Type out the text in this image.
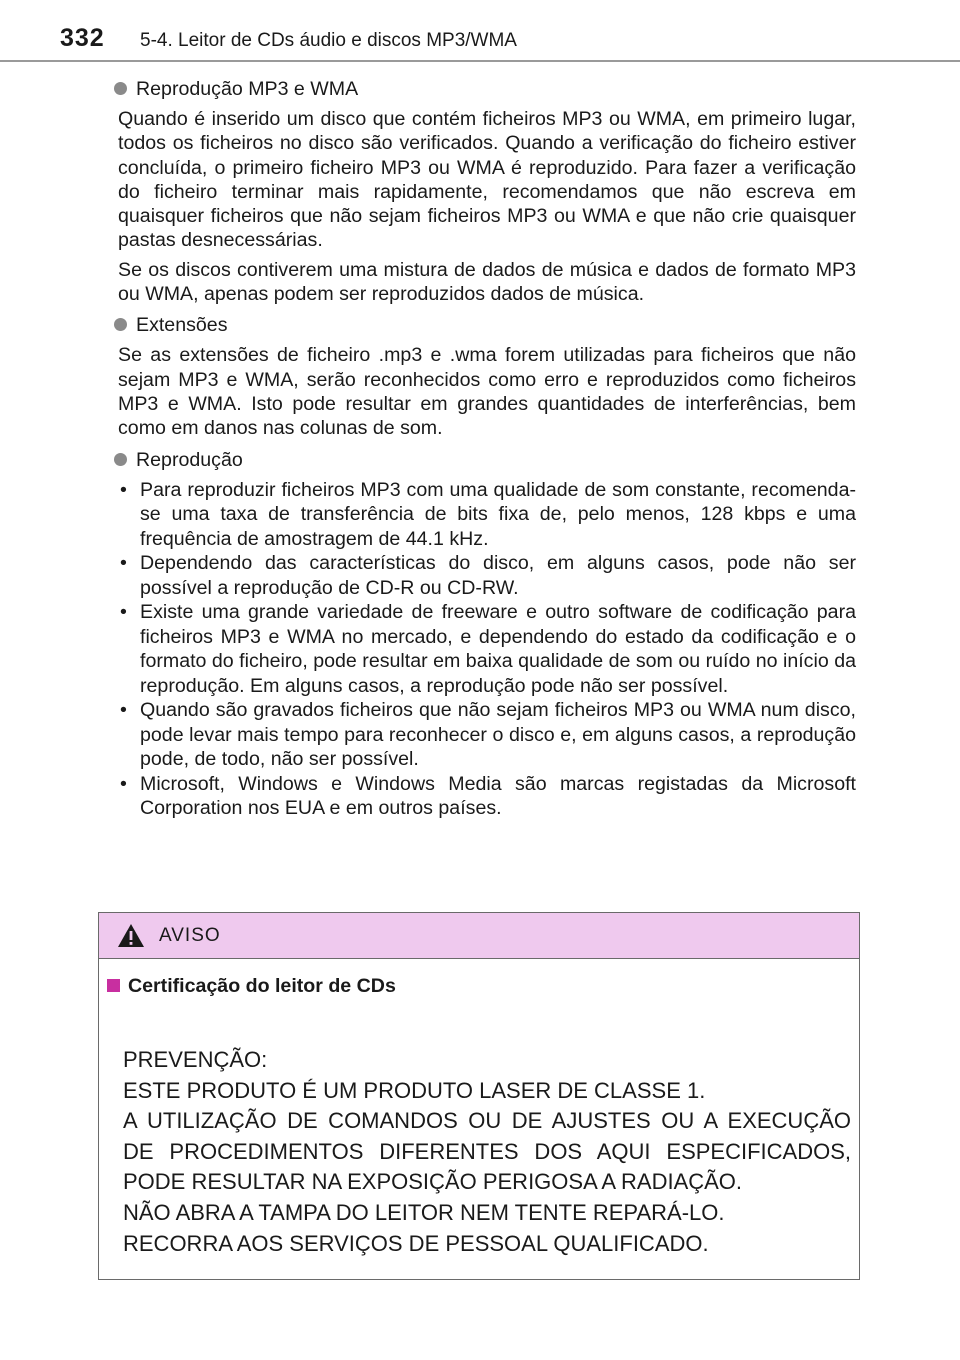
332 5-4. Leitor de CDs áudio e discos MP3/WMA
Reprodução MP3 e WMA

Quando é inserido um disco que contém ficheiros MP3 ou WMA, em primeiro lugar, todos os ficheiros no disco são verificados. Quando a verificação do ficheiro estiver concluída, o primeiro ficheiro MP3 ou WMA é reproduzido. Para fazer a verificação do ficheiro terminar mais rapidamente, recomendamos que não escreva em quaisquer ficheiros que não sejam ficheiros MP3 ou WMA e que não crie quaisquer pastas desnecessárias.

Se os discos contiverem uma mistura de dados de música e dados de formato MP3 ou WMA, apenas podem ser reproduzidos dados de música.

Extensões

Se as extensões de ficheiro .mp3 e .wma forem utilizadas para ficheiros que não sejam MP3 e WMA, serão reconhecidos como erro e reproduzidos como ficheiros MP3 e WMA. Isto pode resultar em grandes quantidades de interferências, bem como em danos nas colunas de som.

Reprodução
• Para reproduzir ficheiros MP3 com uma qualidade de som constante, recomenda-se uma taxa de transferência de bits fixa de, pelo menos, 128 kbps e uma frequência de amostragem de 44.1 kHz.
• Dependendo das características do disco, em alguns casos, pode não ser possível a reprodução de CD-R ou CD-RW.
• Existe uma grande variedade de freeware e outro software de codificação para ficheiros MP3 e WMA no mercado, e dependendo do estado da codificação e o formato do ficheiro, pode resultar em baixa qualidade de som ou ruído no início da reprodução. Em alguns casos, a reprodução pode não ser possível.
• Quando são gravados ficheiros que não sejam ficheiros MP3 ou WMA num disco, pode levar mais tempo para reconhecer o disco e, em alguns casos, a reprodução pode, de todo, não ser possível.
• Microsoft, Windows e Windows Media são marcas registadas da Microsoft Corporation nos EUA e em outros países.
AVISO
Certificação do leitor de CDs
PREVENÇÃO:
ESTE PRODUTO É UM PRODUTO LASER DE CLASSE 1.
A UTILIZAÇÃO DE COMANDOS OU DE AJUSTES OU A EXECUÇÃO
DE PROCEDIMENTOS DIFERENTES DOS AQUI ESPECIFICADOS,
PODE RESULTAR NA EXPOSIÇÃO PERIGOSA A RADIAÇÃO.
NÃO ABRA A TAMPA DO LEITOR NEM TENTE REPARÁ-LO.
RECORRA AOS SERVIÇOS DE PESSOAL QUALIFICADO.
